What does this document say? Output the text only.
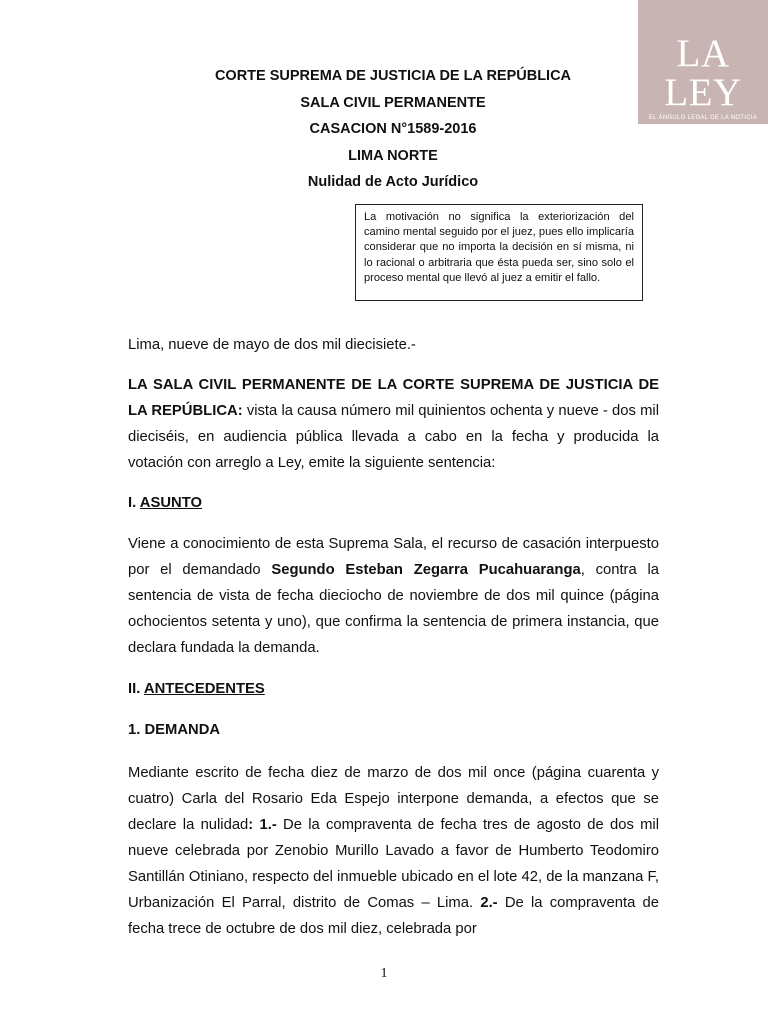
LA LEY
EL ÁNGULO LEGAL DE LA NOTICIA
www.laley.pe
CORTE SUPREMA DE JUSTICIA DE LA REPÚBLICA
SALA CIVIL PERMANENTE
CASACION N°1589-2016
LIMA NORTE
Nulidad de Acto Jurídico
La motivación no significa la exteriorización del camino mental seguido por el juez, pues ello implicaría considerar que no importa la decisión en sí misma, ni lo racional o arbitraria que ésta pueda ser, sino solo el proceso mental que llevó al juez a emitir el fallo.
Lima, nueve de mayo de dos mil diecisiete.-
LA SALA CIVIL PERMANENTE DE LA CORTE SUPREMA DE JUSTICIA DE LA REPÚBLICA: vista la causa número mil quinientos ochenta y nueve - dos mil dieciséis, en audiencia pública llevada a cabo en la fecha y producida la votación con arreglo a Ley, emite la siguiente sentencia:
I. ASUNTO
Viene a conocimiento de esta Suprema Sala, el recurso de casación interpuesto por el demandado Segundo Esteban Zegarra Pucahuaranga, contra la sentencia de vista de fecha dieciocho de noviembre de dos mil quince (página ochocientos setenta y uno), que confirma la sentencia de primera instancia, que declara fundada la demanda.
II. ANTECEDENTES
1. DEMANDA
Mediante escrito de fecha diez de marzo de dos mil once (página cuarenta y cuatro) Carla del Rosario Eda Espejo interpone demanda, a efectos que se declare la nulidad: 1.- De la compraventa de fecha tres de agosto de dos mil nueve celebrada por Zenobio Murillo Lavado a favor de Humberto Teodomiro Santillán Otiniano, respecto del inmueble ubicado en el lote 42, de la manzana F, Urbanización El Parral, distrito de Comas – Lima. 2.- De la compraventa de fecha trece de octubre de dos mil diez, celebrada por
1
